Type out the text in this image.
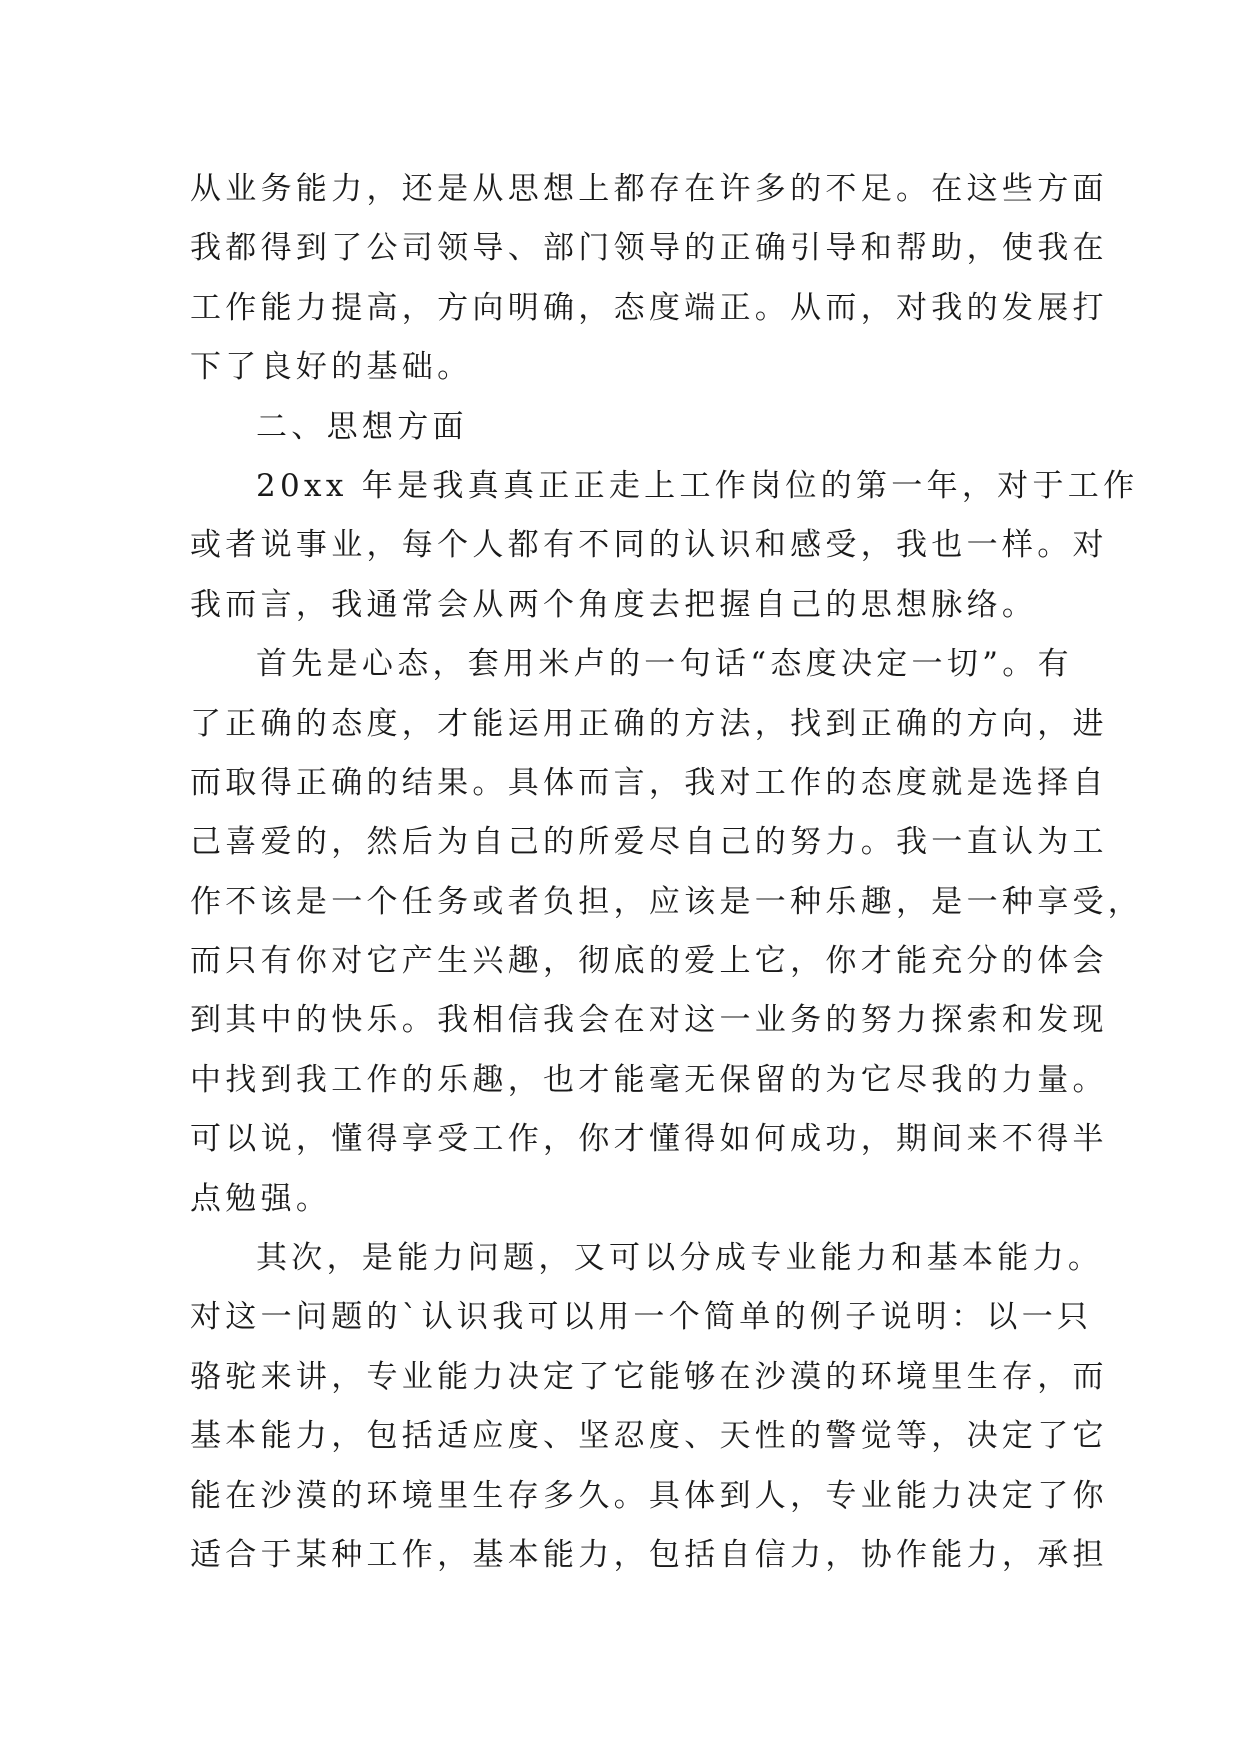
从业务能力，还是从思想上都存在许多的不足。在这些方面
我都得到了公司领导、部门领导的正确引导和帮助，使我在
工作能力提高，方向明确，态度端正。从而，对我的发展打
下了良好的基础。
二、思想方面
20xx 年是我真真正正走上工作岗位的第一年，对于工作
或者说事业，每个人都有不同的认识和感受，我也一样。对
我而言，我通常会从两个角度去把握自己的思想脉络。
首先是心态，套用米卢的一句话“态度决定一切”。有
了正确的态度，才能运用正确的方法，找到正确的方向，进
而取得正确的结果。具体而言，我对工作的态度就是选择自
己喜爱的，然后为自己的所爱尽自己的努力。我一直认为工
作不该是一个任务或者负担，应该是一种乐趣，是一种享受，
而只有你对它产生兴趣，彻底的爱上它，你才能充分的体会
到其中的快乐。我相信我会在对这一业务的努力探索和发现
中找到我工作的乐趣，也才能毫无保留的为它尽我的力量。
可以说，懂得享受工作，你才懂得如何成功，期间来不得半
点勉强。
其次，是能力问题，又可以分成专业能力和基本能力。
对这一问题的`认识我可以用一个简单的例子说明：以一只
骆驼来讲，专业能力决定了它能够在沙漠的环境里生存，而
基本能力，包括适应度、坚忍度、天性的警觉等，决定了它
能在沙漠的环境里生存多久。具体到人，专业能力决定了你
适合于某种工作，基本能力，包括自信力，协作能力，承担
